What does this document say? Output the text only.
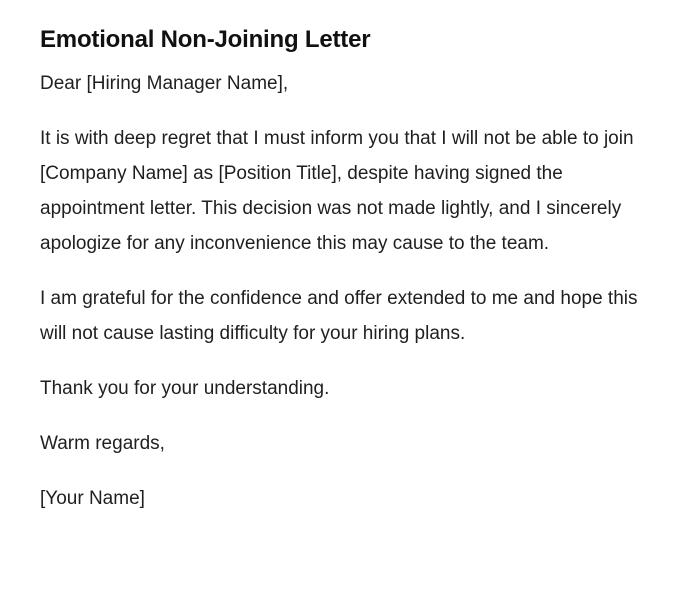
Emotional Non-Joining Letter

Dear [Hiring Manager Name],

It is with deep regret that I must inform you that I will not be able to join [Company Name] as [Position Title], despite having signed the appointment letter. This decision was not made lightly, and I sincerely apologize for any inconvenience this may cause to the team.

I am grateful for the confidence and offer extended to me and hope this will not cause lasting difficulty for your hiring plans.

Thank you for your understanding.

Warm regards,

[Your Name]
